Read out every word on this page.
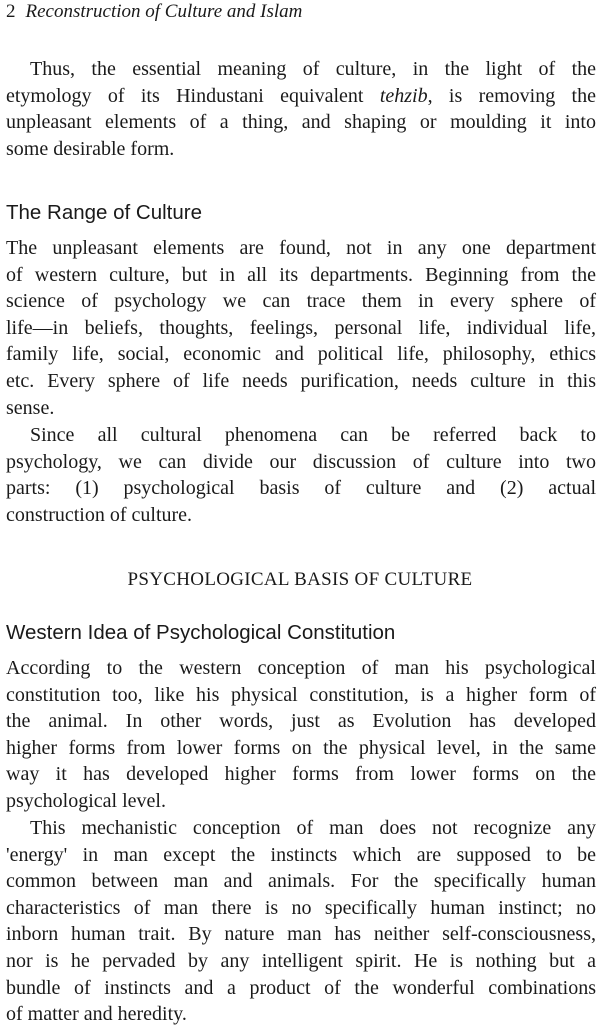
2 Reconstruction of Culture and Islam
Thus, the essential meaning of culture, in the light of the
etymology of its Hindustani equivalent tehzib, is removing the
unpleasant elements of a thing, and shaping or moulding it into
some desirable form.
The Range of Culture
The unpleasant elements are found, not in any one department
of western culture, but in all its departments. Beginning from the
science of psychology we can trace them in every sphere of
life—in beliefs, thoughts, feelings, personal life, individual life,
family life, social, economic and political life, philosophy, ethics
etc. Every sphere of life needs purification, needs culture in this
sense.
Since all cultural phenomena can be referred back to
psychology, we can divide our discussion of culture into two
parts: (1) psychological basis of culture and (2) actual
construction of culture.
PSYCHOLOGICAL BASIS OF CULTURE
Western Idea of Psychological Constitution
According to the western conception of man his psychological
constitution too, like his physical constitution, is a higher form of
the animal. In other words, just as Evolution has developed
higher forms from lower forms on the physical level, in the same
way it has developed higher forms from lower forms on the
psychological level.
This mechanistic conception of man does not recognize any
'energy' in man except the instincts which are supposed to be
common between man and animals. For the specifically human
characteristics of man there is no specifically human instinct; no
inborn human trait. By nature man has neither self-consciousness,
nor is he pervaded by any intelligent spirit. He is nothing but a
bundle of instincts and a product of the wonderful combinations
of matter and heredity.
